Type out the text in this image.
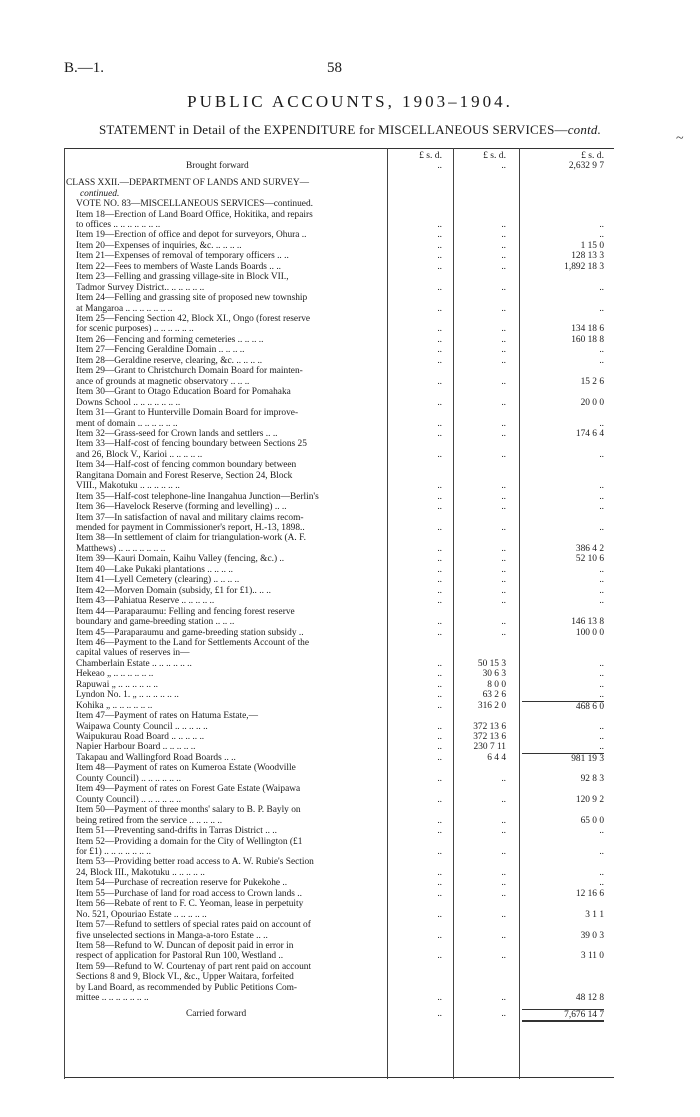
B.—1.	58
PUBLIC ACCOUNTS, 1903–1904.
STATEMENT in Detail of the EXPENDITURE for MISCELLANEOUS SERVICES—contd.
Brought forward
CLASS XXII.—DEPARTMENT OF LANDS AND SURVEY—
continued.
VOTE NO. 83—MISCELLANEOUS SERVICES—continued.
Item 18—Erection of Land Board Office, Hokitika, and repairs
to offices .. .. .. .. .. .. ..
Item 19—Erection of office and depot for surveyors, Ohura ..
Item 20—Expenses of inquiries, &c. .. .. .. ..
Item 21—Expenses of removal of temporary officers .. ..
Item 22—Fees to members of Waste Lands Boards .. ..
Item 23—Felling and grassing village-site in Block VII.,
Tadmor Survey District.. .. .. .. .. ..
Item 24—Felling and grassing site of proposed new township
at Mangaroa .. .. .. .. .. .. ..
Item 25—Fencing Section 42, Block XI., Ongo (forest reserve
for scenic purposes) .. .. .. .. .. ..
Item 26—Fencing and forming cemeteries .. .. .. ..
Item 27—Fencing Geraldine Domain .. .. .. ..
Item 28—Geraldine reserve, clearing, &c. .. .. .. ..
Item 29—Grant to Christchurch Domain Board for mainten-
ance of grounds at magnetic observatory .. .. ..
Item 30—Grant to Otago Education Board for Pomahaka
Downs School .. .. .. .. .. .. ..
Item 31—Grant to Hunterville Domain Board for improve-
ment of domain .. .. .. .. .. ..
Item 32—Grass-seed for Crown lands and settlers .. ..
Item 33—Half-cost of fencing boundary between Sections 25
and 26, Block V., Karioi .. .. .. .. ..
Item 34—Half-cost of fencing common boundary between
Rangitana Domain and Forest Reserve, Section 24, Block
VIII., Makotuku .. .. .. .. .. ..
Item 35—Half-cost telephone-line Inangahua Junction—Berlin's
Item 36—Havelock Reserve (forming and levelling) .. ..
Item 37—In satisfaction of naval and military claims recom-
mended for payment in Commissioner's report, H.-13, 1898..
Item 38—In settlement of claim for triangulation-work (A. F.
Matthews) .. .. .. .. .. .. ..
Item 39—Kauri Domain, Kaihu Valley (fencing, &c.) ..
Item 40—Lake Pukaki plantations .. .. .. ..
Item 41—Lyell Cemetery (clearing) .. .. .. ..
Item 42—Morven Domain (subsidy, £1 for £1).. .. ..
Item 43—Pahiatua Reserve .. .. .. .. ..
Item 44—Paraparaumu: Felling and fencing forest reserve
boundary and game-breeding station .. .. ..
Item 45—Paraparaumu and game-breeding station subsidy ..
Item 46—Payment to the Land for Settlements Account of the
capital values of reserves in—
Chamberlain Estate .. .. .. .. .. ..
Hekeao „ .. .. .. .. .. ..
Rapuwai „ .. .. .. .. .. ..
Lyndon No. 1. „ .. .. .. .. .. ..
Kohika „ .. .. .. .. .. ..
Item 47—Payment of rates on Hatuma Estate,—
Waipawa County Council .. .. .. .. ..
Waipukurau Road Board .. .. .. .. ..
Napier Harbour Board .. .. .. .. ..
Takapau and Wallingford Road Boards .. ..
Item 48—Payment of rates on Kumeroa Estate (Woodville
County Council) .. .. .. .. .. ..
Item 49—Payment of rates on Forest Gate Estate (Waipawa
County Council) .. .. .. .. .. ..
Item 50—Payment of three months' salary to B. P. Bayly on
being retired from the service .. .. .. .. ..
Item 51—Preventing sand-drifts in Tarras District .. ..
Item 52—Providing a domain for the City of Wellington (£1
for £1) .. .. .. .. .. .. ..
Item 53—Providing better road access to A. W. Rubie's Section
24, Block III., Makotuku .. .. .. .. ..
Item 54—Purchase of recreation reserve for Pukekohe ..
Item 55—Purchase of land for road access to Crown lands ..
Item 56—Rebate of rent to F. C. Yeoman, lease in perpetuity
No. 521, Opouriao Estate .. .. .. .. ..
Item 57—Refund to settlers of special rates paid on account of
five unselected sections in Manga-a-toro Estate .. ..
Item 58—Refund to W. Duncan of deposit paid in error in
respect of application for Pastoral Run 100, Westland ..
Item 59—Refund to W. Courtenay of part rent paid on account
Sections 8 and 9, Block VI., &c., Upper Waitara, forfeited
by Land Board, as recommended by Public Petitions Com-
mittee .. .. .. .. .. .. ..
Carried forward
£ s. d.
..
..
..
..
..
..
..
..
..
..
..
..
..
..
..
..
..
..
..
..
..
..
..
..
..
..
..
..
..
..
..
..
..
..
..
..
..
..
..
..
..
..
..
..
..
..
..
..
..
..
..
£ s. d.
..
..
..
..
..
..
..
..
..
..
..
..
..
..
..
..
..
..
..
..
..
..
..
..
..
..
..
..
..
50 15 3
30 6 3
8 0 0
63 2 6
316 2 0
372 13 6
372 13 6
230 7 11
6 4 4
..
..
..
..
..
..
..
..
..
..
..
..
..
£ s. d.
2,632 9 7
..
..
1 15 0
128 13 3
1,892 18 3
..
..
134 18 6
160 18 8
..
..
15 2 6
20 0 0
..
174 6 4
..
..
..
..
..
386 4 2
52 10 6
..
..
..
..
146 13 8
100 0 0
..
..
..
..
468 6 0
..
..
..
981 19 3
92 8 3
120 9 2
65 0 0
..
..
..
..
12 16 6
3 1 1
39 0 3
3 11 0
48 12 8
7,676 14 7
~
